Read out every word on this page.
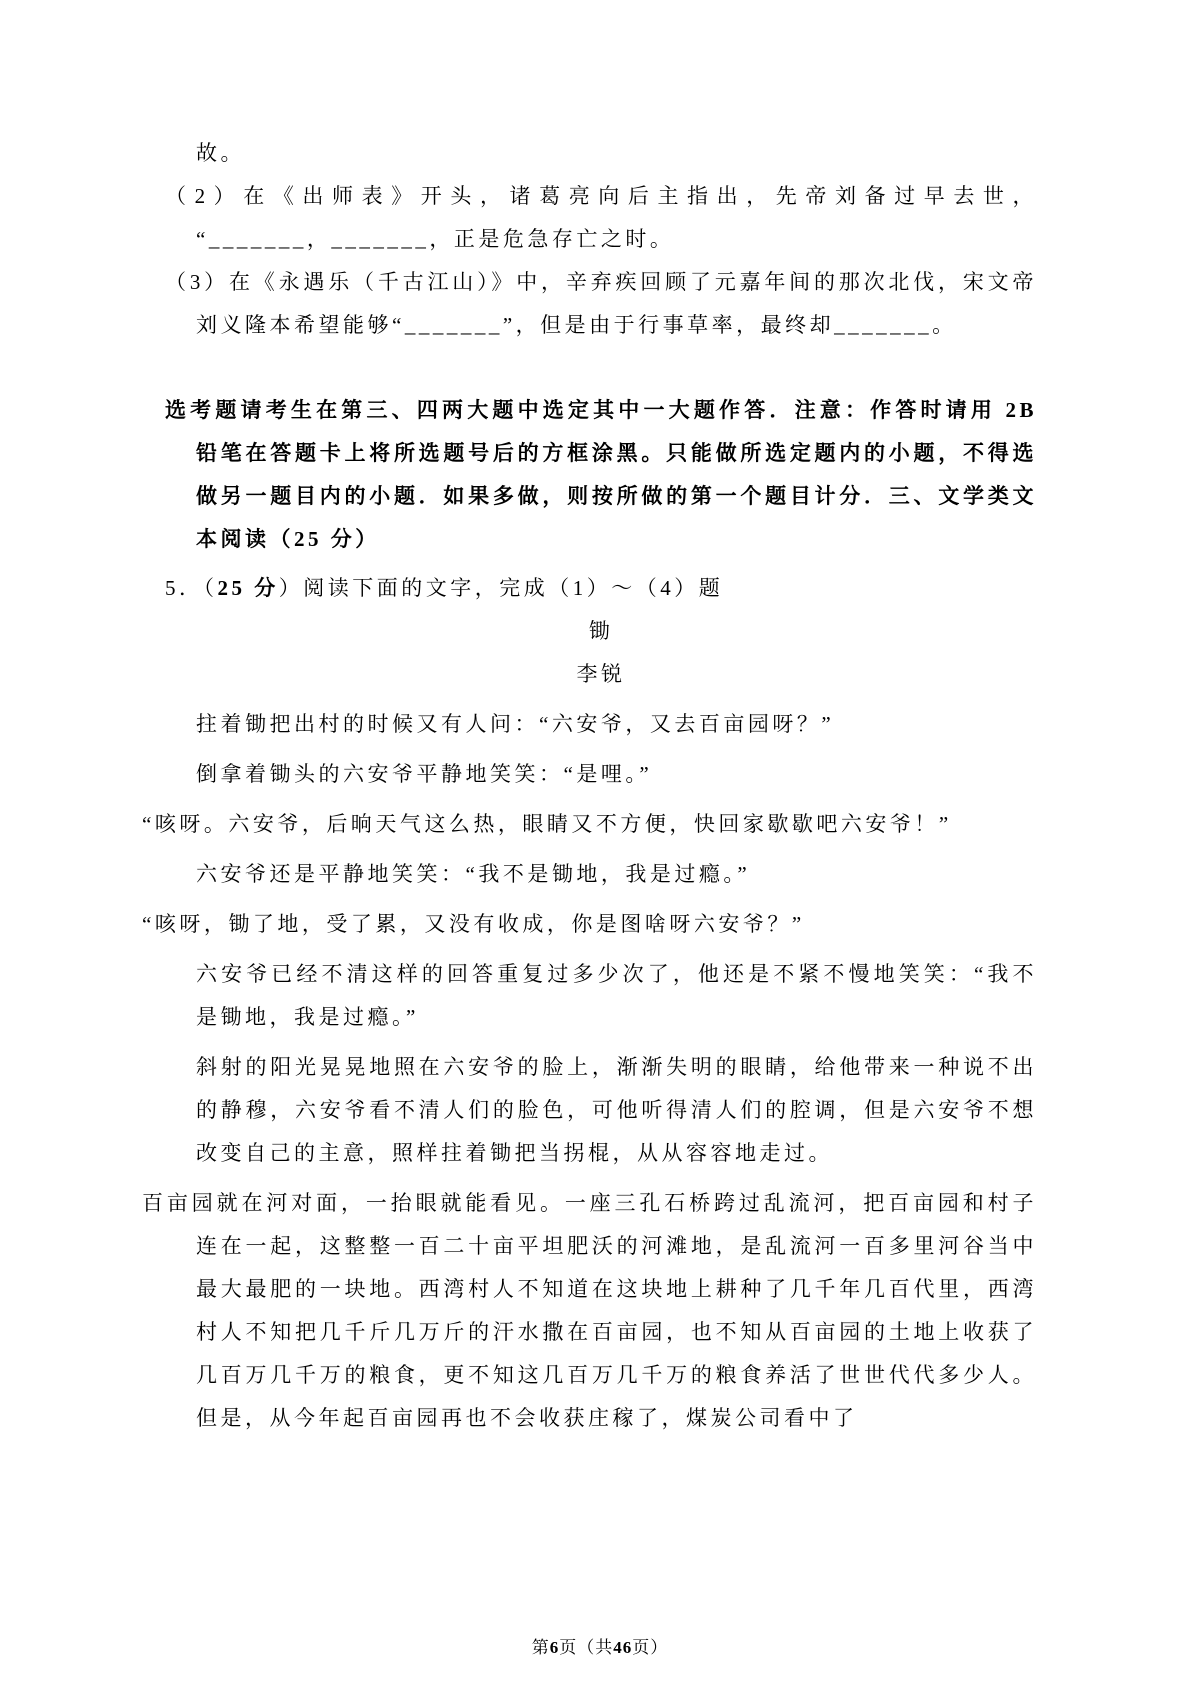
故。

（2）在《出师表》开头，诸葛亮向后主指出，先帝刘备过早去世，
“_______，_______，正是危急存亡之时。

（3）在《永遇乐（千古江山）》中，辛弃疾回顾了元嘉年间的那次北伐，宋文帝刘义隆本希望能够“_______”，但是由于行事草率，最终却_______。

选考题请考生在第三、四两大题中选定其中一大题作答．注意：作答时请用 2B 铅笔在答题卡上将所选题号后的方框涂黑。只能做所选定题内的小题，不得选做另一题目内的小题．如果多做，则按所做的第一个题目计分．三、文学类文本阅读（25 分）

5．（25 分）阅读下面的文字，完成（1）～（4）题

锄

李锐

拄着锄把出村的时候又有人问：“六安爷，又去百亩园呀？”

倒拿着锄头的六安爷平静地笑笑：“是哩。”

“咳呀。六安爷，后晌天气这么热，眼睛又不方便，快回家歇歇吧六安爷！”

六安爷还是平静地笑笑：“我不是锄地，我是过瘾。”

“咳呀，锄了地，受了累，又没有收成，你是图啥呀六安爷？”

六安爷已经不清这样的回答重复过多少次了，他还是不紧不慢地笑笑：“我不是锄地，我是过瘾。”

斜射的阳光晃晃地照在六安爷的脸上，渐渐失明的眼睛，给他带来一种说不出的静穆，六安爷看不清人们的脸色，可他听得清人们的腔调，但是六安爷不想改变自己的主意，照样拄着锄把当拐棍，从从容容地走过。

百亩园就在河对面，一抬眼就能看见。一座三孔石桥跨过乱流河，把百亩园和村子连在一起，这整整一百二十亩平坦肥沃的河滩地，是乱流河一百多里河谷当中最大最肥的一块地。西湾村人不知道在这块地上耕种了几千年几百代里，西湾村人不知把几千斤几万斤的汗水撒在百亩园，也不知从百亩园的土地上收获了几百万几千万的粮食，更不知这几百万几千万的粮食养活了世世代代多少人。但是，从今年起百亩园再也不会收获庄稼了，煤炭公司看中了

第6页（共46页）
